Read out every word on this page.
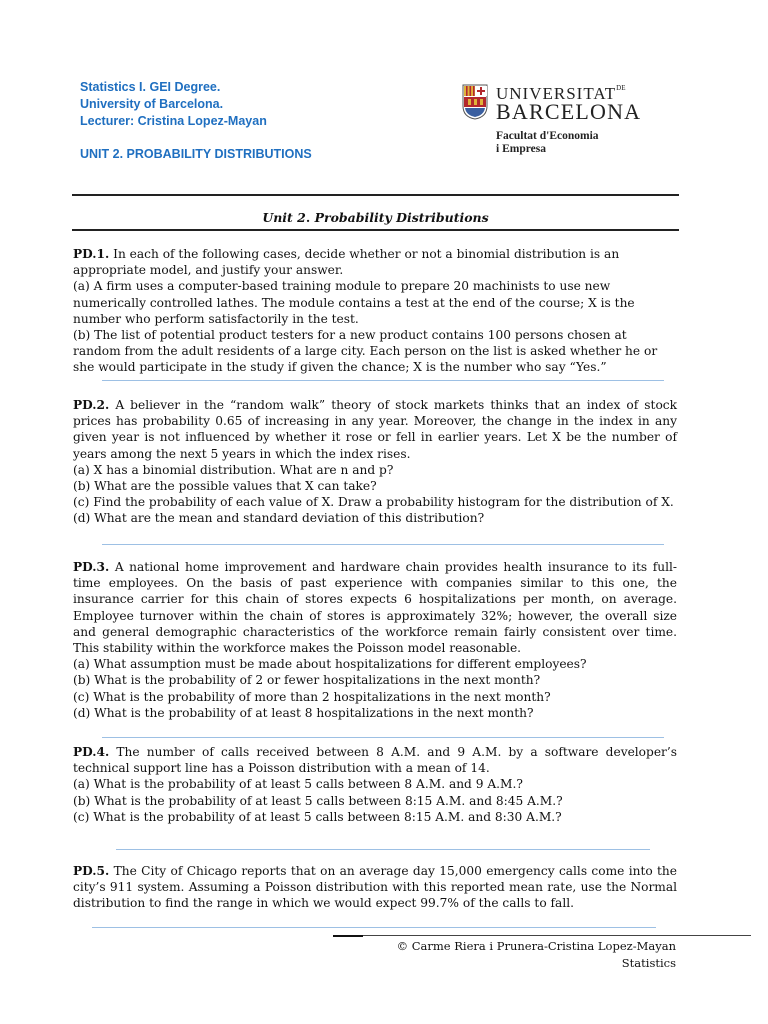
Statistics I. GEI Degree.
University of Barcelona.
Lecturer: Cristina Lopez-Mayan
UNIT 2. PROBABILITY DISTRIBUTIONS
$UNIVERSITAT^{DE}$
BARCELONA
Facultat d'Economia
i Empresa
Unit 2. Probability Distributions

PD.1. In each of the following cases, decide whether or not a binomial distribution is an appropriate model, and justify your answer.

(a) A firm uses a computer-based training module to prepare 20 machinists to use new numerically controlled lathes. The module contains a test at the end of the course; X is the number who perform satisfactorily in the test.

(b) The list of potential product testers for a new product contains 100 persons chosen at random from the adult residents of a large city. Each person on the list is asked whether he or she would participate in the study if given the chance; X is the number who say “Yes.”

PD.2. A believer in the “random walk” theory of stock markets thinks that an index of stock prices has probability 0.65 of increasing in any year. Moreover, the change in the index in any given year is not influenced by whether it rose or fell in earlier years. Let X be the number of years among the next 5 years in which the index rises.

(a) X has a binomial distribution. What are n and p?

(b) What are the possible values that X can take?

(c) Find the probability of each value of X. Draw a probability histogram for the distribution of X.

(d) What are the mean and standard deviation of this distribution?

PD.3. A national home improvement and hardware chain provides health insurance to its full-time employees. On the basis of past experience with companies similar to this one, the insurance carrier for this chain of stores expects 6 hospitalizations per month, on average. Employee turnover within the chain of stores is approximately 32%; however, the overall size and general demographic characteristics of the workforce remain fairly consistent over time. This stability within the workforce makes the Poisson model reasonable.

(a) What assumption must be made about hospitalizations for different employees?

(b) What is the probability of 2 or fewer hospitalizations in the next month?

(c) What is the probability of more than 2 hospitalizations in the next month?

(d) What is the probability of at least 8 hospitalizations in the next month?

PD.4. The number of calls received between 8 A.M. and 9 A.M. by a software developer’s technical support line has a Poisson distribution with a mean of 14.

(a) What is the probability of at least 5 calls between 8 A.M. and 9 A.M.?

(b) What is the probability of at least 5 calls between 8:15 A.M. and 8:45 A.M.?

(c) What is the probability of at least 5 calls between 8:15 A.M. and 8:30 A.M.?

PD.5. The City of Chicago reports that on an average day 15,000 emergency calls come into the city’s 911 system. Assuming a Poisson distribution with this reported mean rate, use the Normal distribution to find the range in which we would expect 99.7% of the calls to fall.

© Carme Riera i Prunera-Cristina Lopez-Mayan
Statistics
